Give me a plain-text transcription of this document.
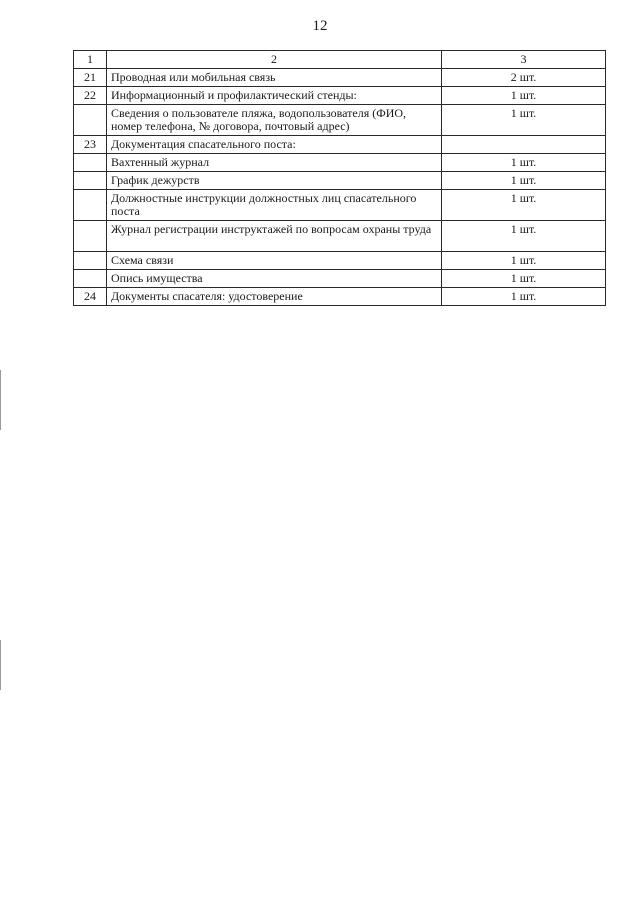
12
1	2	3
21	Проводная или мобильная связь	2 шт.
22	Информационный и профилактический стенды:	1 шт.
	Сведения о пользователе пляжа, водопользователя (ФИО, номер телефона, № договора, почтовый адрес)	1 шт.
23	Документация спасательного поста:	
	Вахтенный журнал	1 шт.
	График дежурств	1 шт.
	Должностные инструкции должностных лиц спасательного поста	1 шт.
	Журнал регистрации инструктажей по вопросам охраны труда	1 шт.
	Схема связи	1 шт.
	Опись имущества	1 шт.
24	Документы спасателя: удостоверение	1 шт.
